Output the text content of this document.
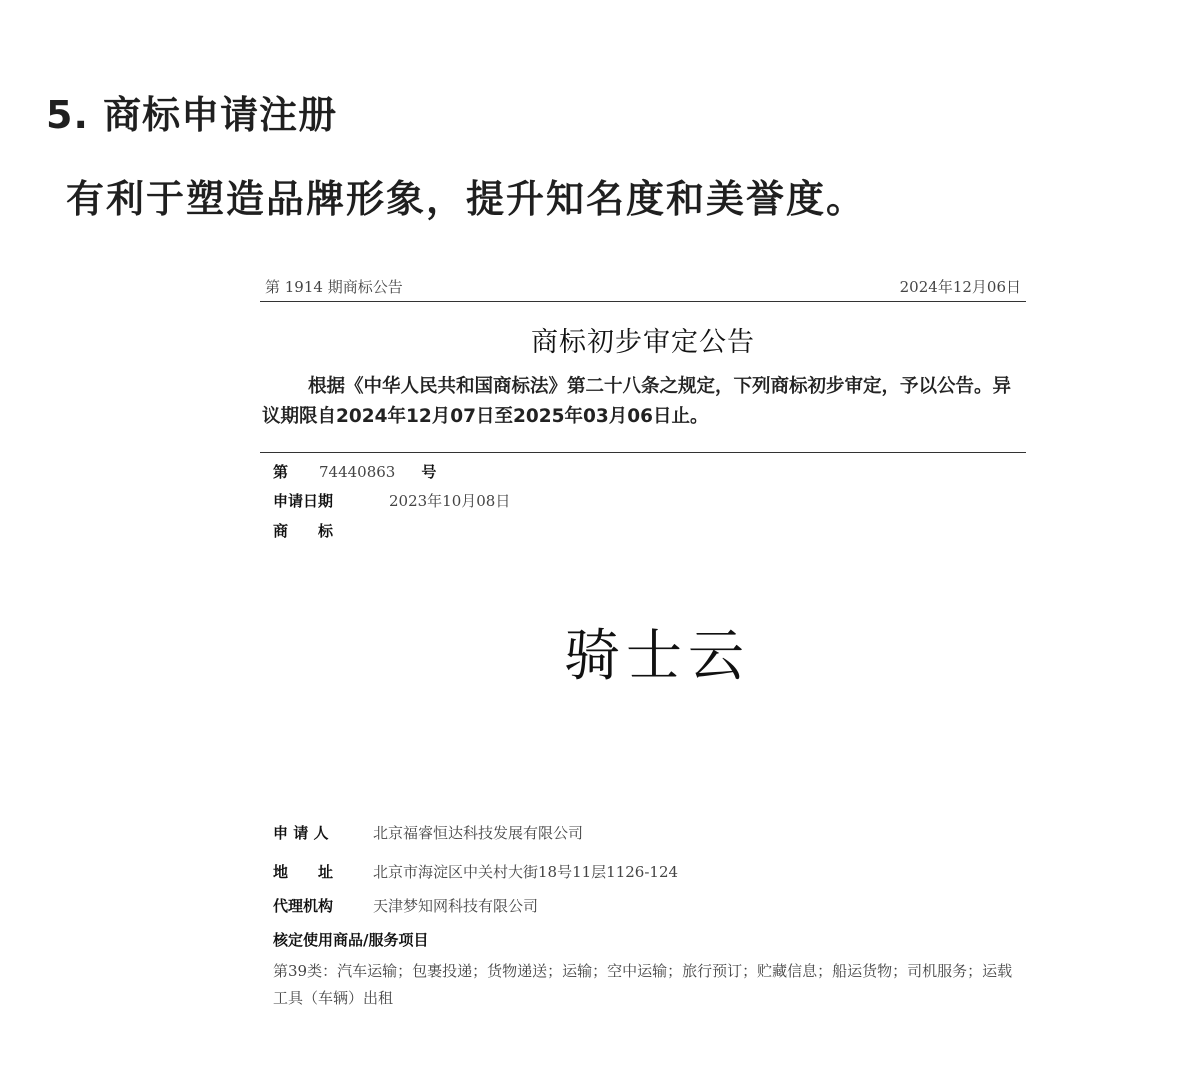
5. 商标申请注册
有利于塑造品牌形象，提升知名度和美誉度。
第 1914 期商标公告	2024年12月06日
商标初步审定公告
根据《中华人民共和国商标法》第二十八条之规定，下列商标初步审定，予以公告。异议期限自2024年12月07日至2025年03月06日止。
第 74440863 号
申请日期	2023年10月08日
商 标
骑士云
申 请 人	北京福睿恒达科技发展有限公司
地　　址	北京市海淀区中关村大街18号11层1126-124
代理机构	天津梦知网科技有限公司
核定使用商品/服务项目
第39类：汽车运输；包裹投递；货物递送；运输；空中运输；旅行预订；贮藏信息；船运货物；司机服务；运载工具（车辆）出租
